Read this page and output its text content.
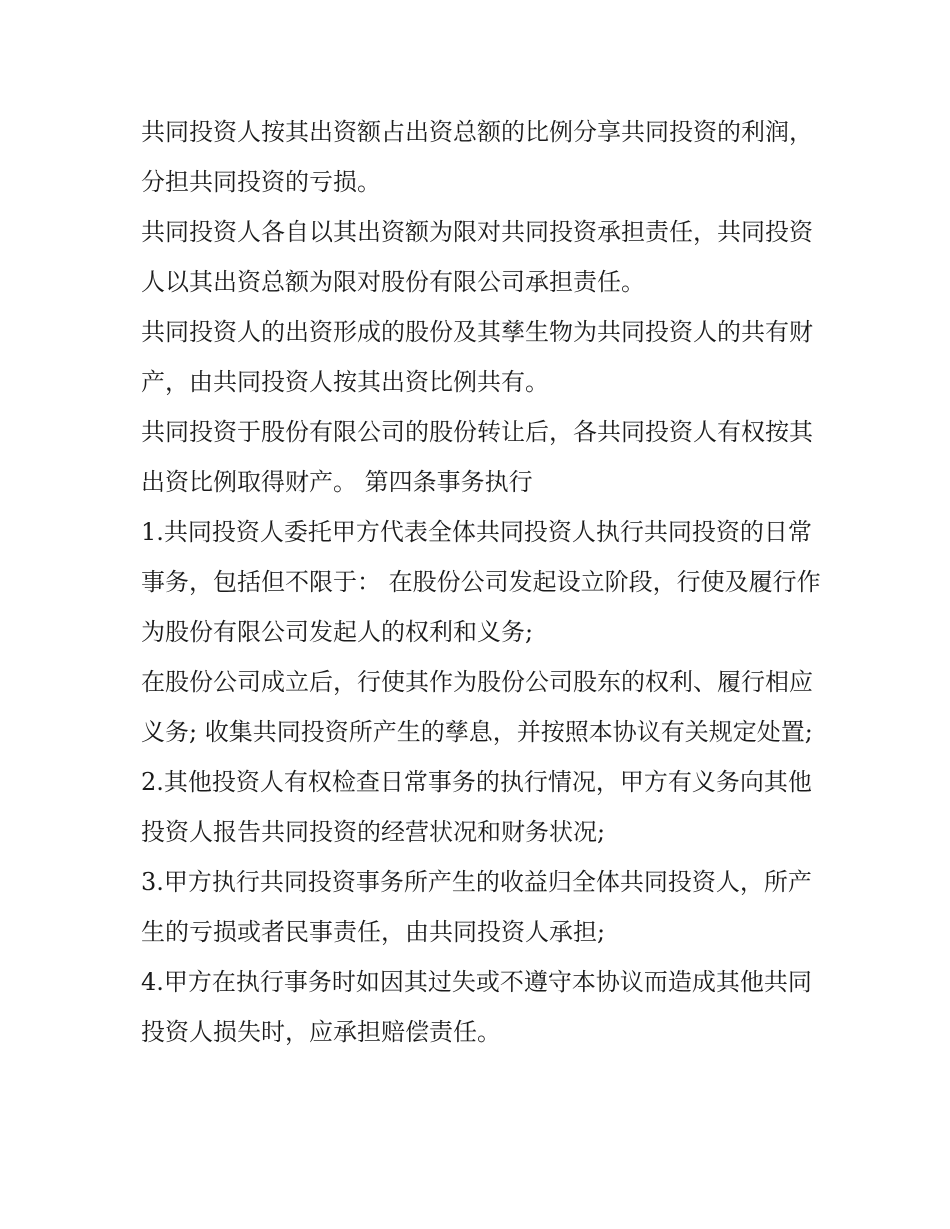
共同投资人按其出资额占出资总额的比例分享共同投资的利润，分担共同投资的亏损。

共同投资人各自以其出资额为限对共同投资承担责任，共同投资人以其出资总额为限对股份有限公司承担责任。

共同投资人的出资形成的股份及其孳生物为共同投资人的共有财产，由共同投资人按其出资比例共有。

共同投资于股份有限公司的股份转让后，各共同投资人有权按其出资比例取得财产。 第四条事务执行

1.共同投资人委托甲方代表全体共同投资人执行共同投资的日常事务，包括但不限于： 在股份公司发起设立阶段，行使及履行作为股份有限公司发起人的权利和义务;

在股份公司成立后，行使其作为股份公司股东的权利、履行相应义务; 收集共同投资所产生的孳息，并按照本协议有关规定处置;

2.其他投资人有权检查日常事务的执行情况，甲方有义务向其他投资人报告共同投资的经营状况和财务状况;

3.甲方执行共同投资事务所产生的收益归全体共同投资人，所产生的亏损或者民事责任，由共同投资人承担;

4.甲方在执行事务时如因其过失或不遵守本协议而造成其他共同投资人损失时，应承担赔偿责任。
